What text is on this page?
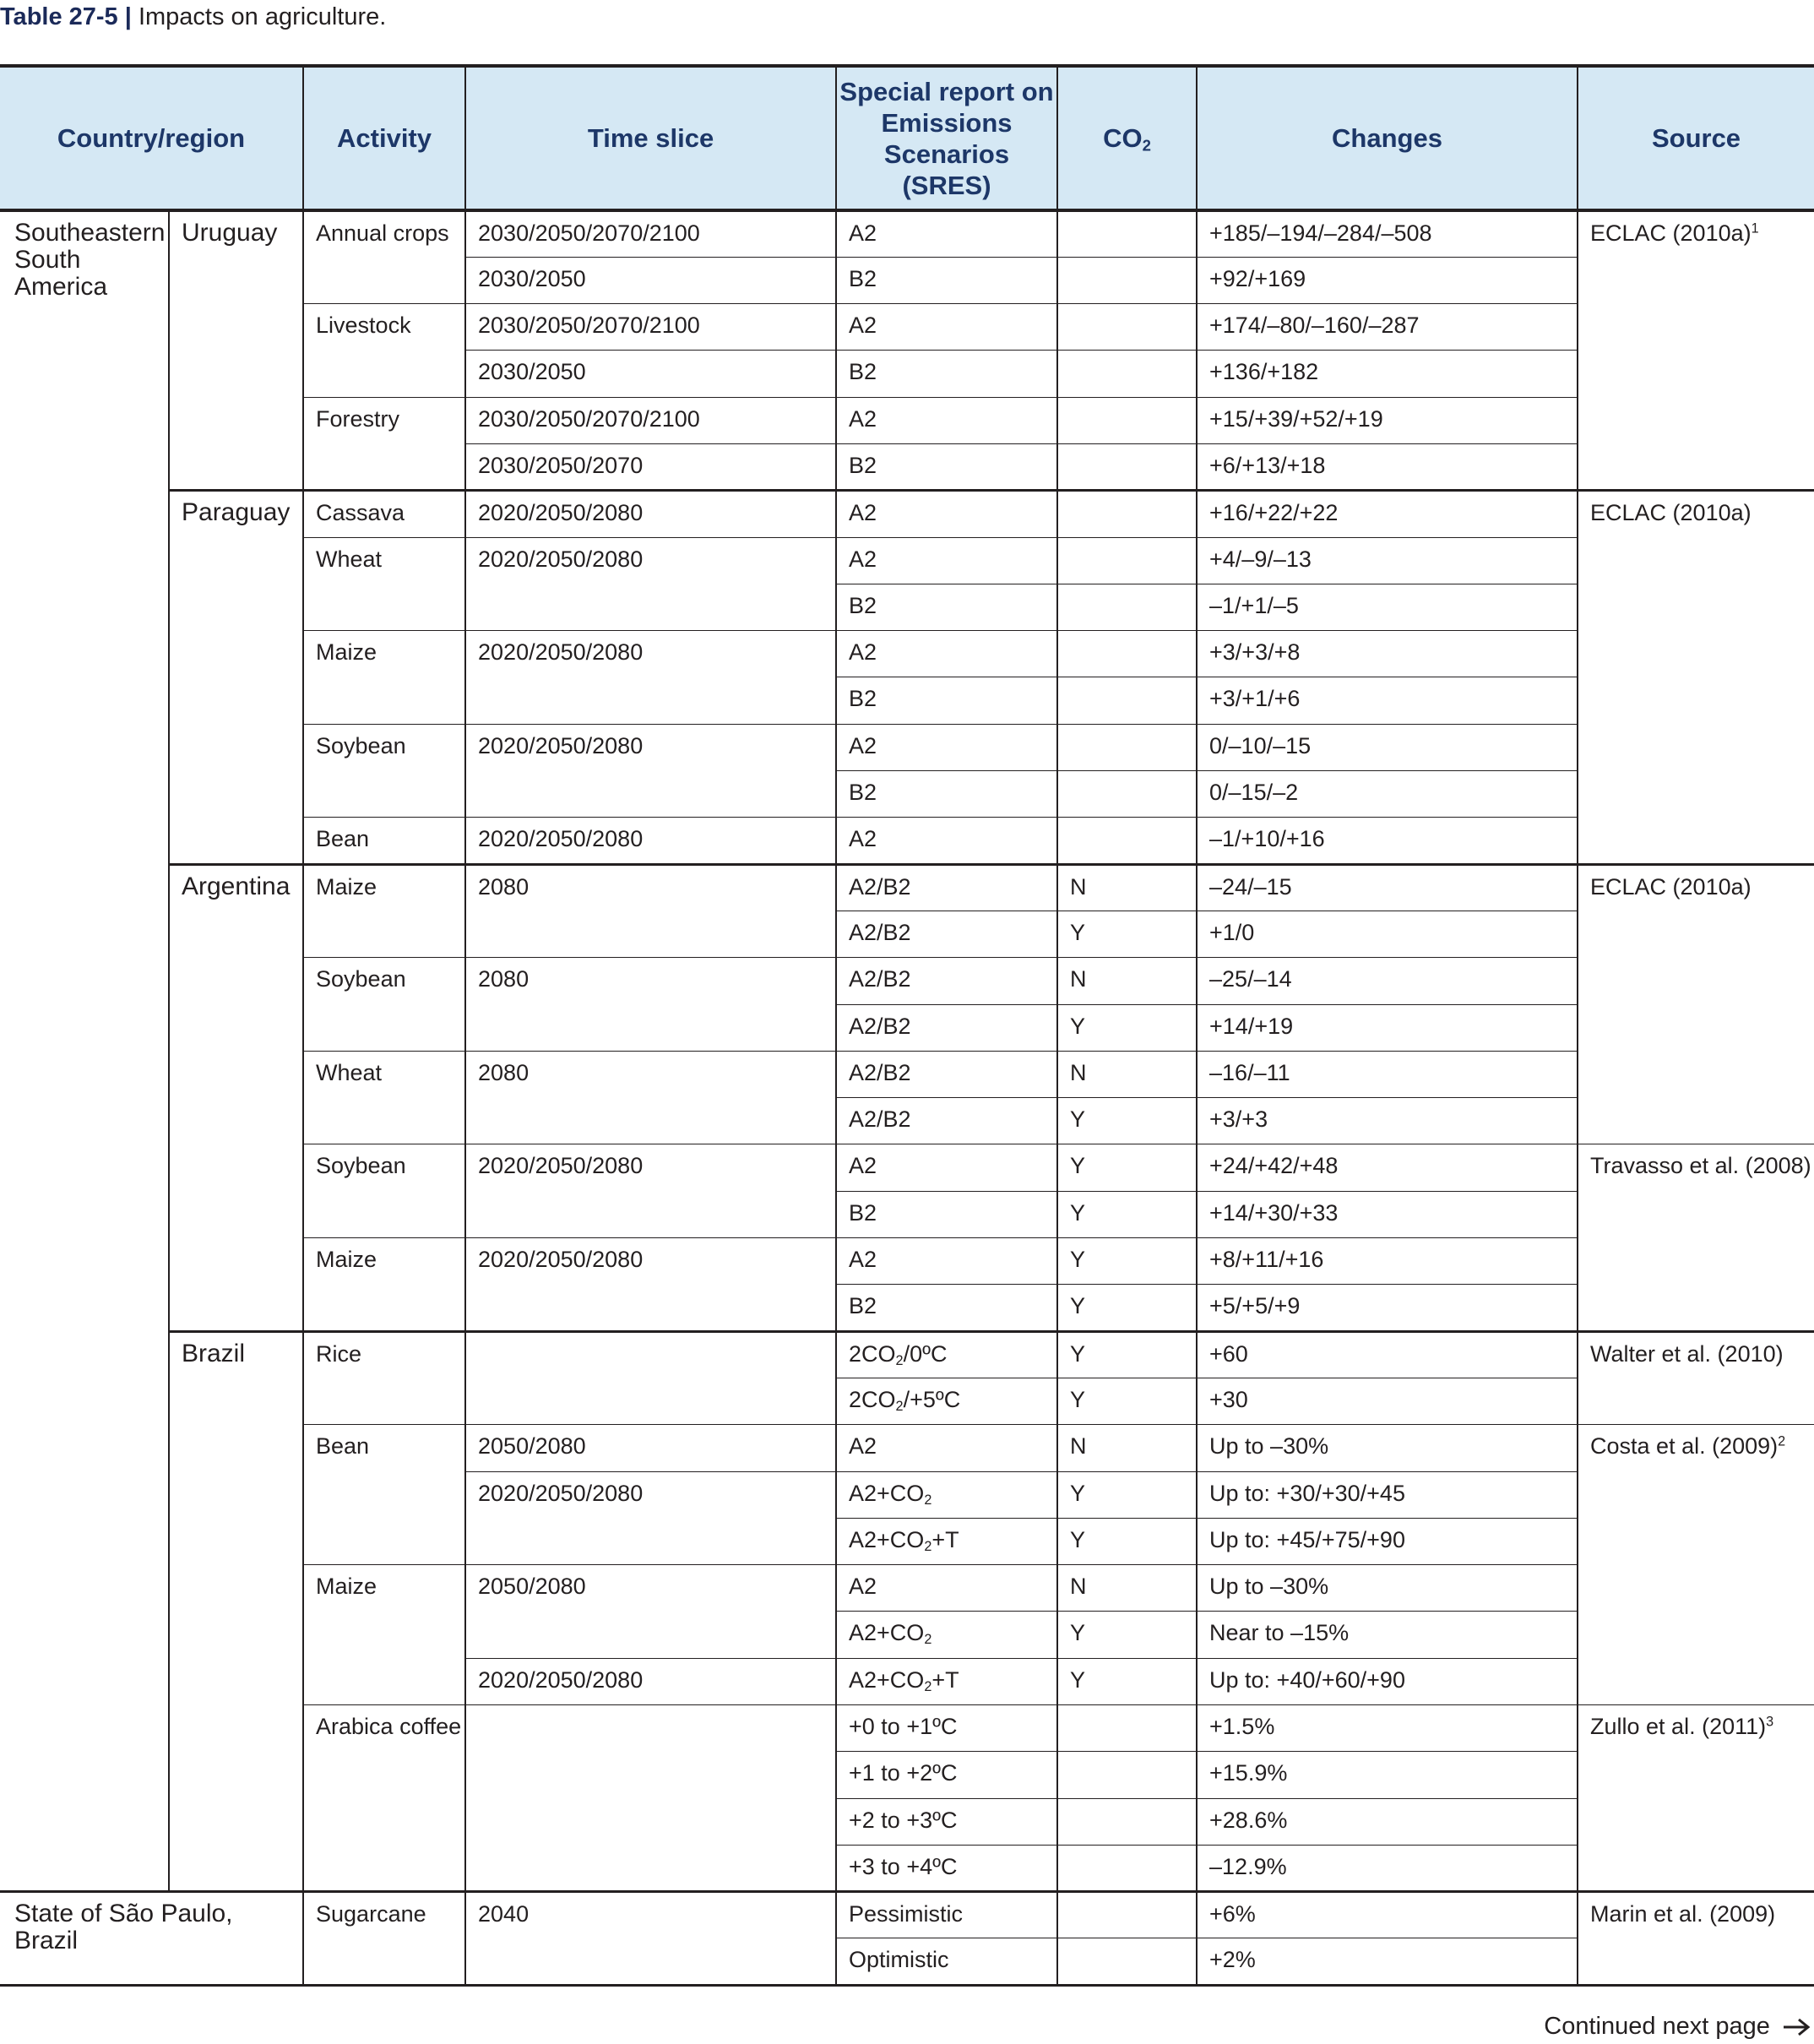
Table 27-5 | Impacts on agriculture.
Country/region		Activity	Time slice	Special report on Emissions Scenarios (SRES)	$CO_2$	Changes	Source
Southeastern South America	Uruguay	Annual crops	2030/2050/2070/2100	A2		+185/–194/–284/–508	ECLAC $(2010a)^1$
			2030/2050	B2		+92/+169	
		Livestock	2030/2050/2070/2100	A2		+174/–80/–160/–287	
			2030/2050	B2		+136/+182	
		Forestry	2030/2050/2070/2100	A2		+15/+39/+52/+19	
			2030/2050/2070	B2		+6/+13/+18	
	Paraguay	Cassava	2020/2050/2080	A2		+16/+22/+22	ECLAC (2010a)
		Wheat	2020/2050/2080	A2		+4/–9/–13	
				B2		–1/+1/–5	
		Maize	2020/2050/2080	A2		+3/+3/+8	
				B2		+3/+1/+6	
		Soybean	2020/2050/2080	A2		0/–10/–15	
				B2		0/–15/–2	
		Bean	2020/2050/2080	A2		–1/+10/+16	
	Argentina	Maize	2080	A2/B2	N	–24/–15	ECLAC (2010a)
				A2/B2	Y	+1/0	
		Soybean	2080	A2/B2	N	–25/–14	
				A2/B2	Y	+14/+19	
		Wheat	2080	A2/B2	N	–16/–11	
				A2/B2	Y	+3/+3	
		Soybean	2020/2050/2080	A2	Y	+24/+42/+48	Travasso et al. (2008)
				B2	Y	+14/+30/+33	
		Maize	2020/2050/2080	A2	Y	+8/+11/+16	
				B2	Y	+5/+5/+9	
	Brazil	Rice		$2CO_2/0ºC$	Y	+60	Walter et al. (2010)
				$2CO_2/+5ºC$	Y	+30	
		Bean	2050/2080	A2	N	Up to –30%	Costa et al. $(2009)^2$
			2020/2050/2080	$A2+CO_2$	Y	Up to: +30/+30/+45	
				$A2+CO_2+T$	Y	Up to: +45/+75/+90	
		Maize	2050/2080	A2	N	Up to –30%	
				$A2+CO_2$	Y	Near to –15%	
			2020/2050/2080	$A2+CO_2+T$	Y	Up to: +40/+60/+90	
		Arabica coffee		+0 to +1ºC		+1.5%	Zullo et al. $(2011)^3$
				+1 to +2ºC		+15.9%	
				+2 to +3ºC		+28.6%	
				+3 to +4ºC		–12.9%	
State of São Paulo, Brazil		Sugarcane	2040	Pessimistic		+6%	Marin et al. (2009)
				Optimistic		+2%	
Continued next page
